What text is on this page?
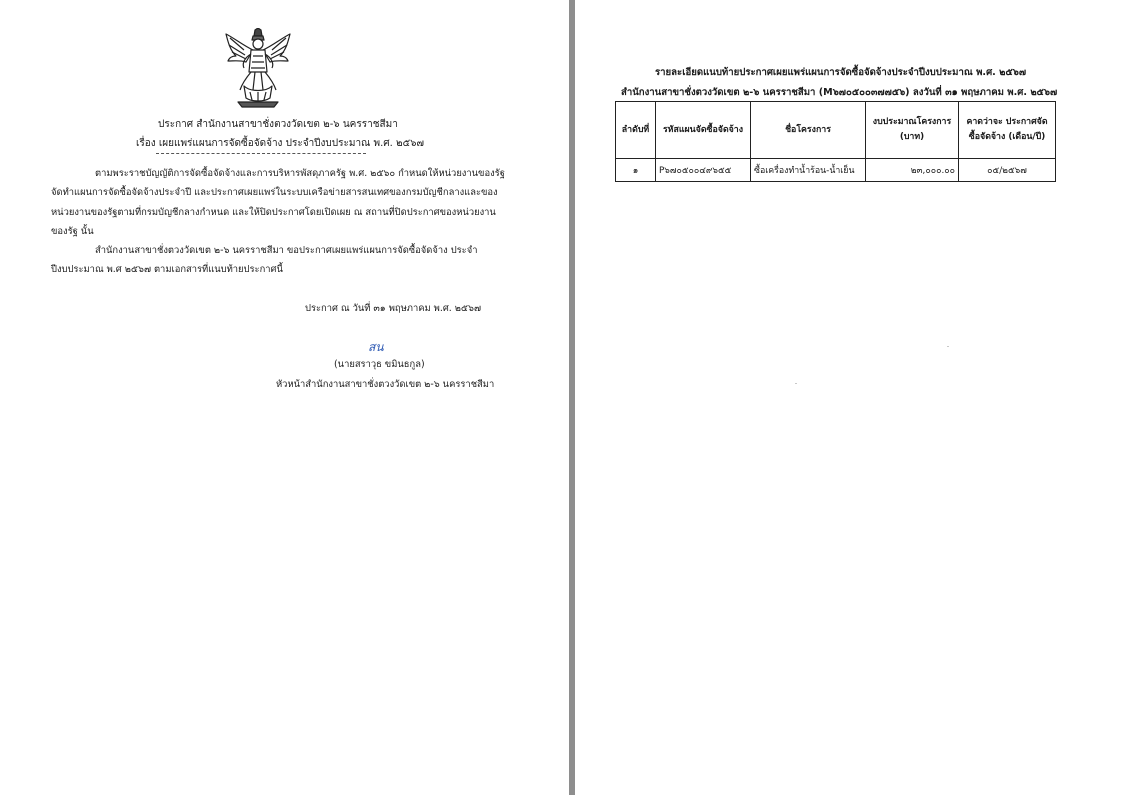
ประกาศ สำนักงานสาขาชั่งตวงวัดเขต ๒-๖ นครราชสีมา
เรื่อง เผยแพร่แผนการจัดซื้อจัดจ้าง ประจำปีงบประมาณ พ.ศ. ๒๕๖๗
ตามพระราชบัญญัติการจัดซื้อจัดจ้างและการบริหารพัสดุภาครัฐ พ.ศ. ๒๕๖๐ กำหนดให้หน่วยงานของรัฐ
จัดทำแผนการจัดซื้อจัดจ้างประจำปี และประกาศเผยแพร่ในระบบเครือข่ายสารสนเทศของกรมบัญชีกลางและของ
หน่วยงานของรัฐตามที่กรมบัญชีกลางกำหนด และให้ปิดประกาศโดยเปิดเผย ณ สถานที่ปิดประกาศของหน่วยงาน
ของรัฐ นั้น
สำนักงานสาขาชั่งตวงวัดเขต ๒-๖ นครราชสีมา ขอประกาศเผยแพร่แผนการจัดซื้อจัดจ้าง ประจำ
ปีงบประมาณ พ.ศ ๒๕๖๗ ตามเอกสารที่แนบท้ายประกาศนี้
ประกาศ ณ วันที่ ๓๑ พฤษภาคม พ.ศ. ๒๕๖๗
สน
(นายสราวุธ ขมินธกูล)
หัวหน้าสำนักงานสาขาชั่งตวงวัดเขต ๒-๖ นครราชสีมา
รายละเอียดแนบท้ายประกาศเผยแพร่แผนการจัดซื้อจัดจ้างประจำปีงบประมาณ พ.ศ. ๒๕๖๗
สำนักงานสาขาชั่งตวงวัดเขต ๒-๖ นครราชสีมา (M๖๗๐๕๐๐๓๗๗๕๖) ลงวันที่ ๓๑ พฤษภาคม พ.ศ. ๒๕๖๗
ลำดับที่	รหัสแผนจัดซื้อจัดจ้าง	ชื่อโครงการ	งบประมาณโครงการ (บาท)	คาดว่าจะ ประกาศจัดซื้อจัดจ้าง (เดือน/ปี)
๑	P๖๗๐๕๐๐๔๙๖๕๕	ซื้อเครื่องทำน้ำร้อน-น้ำเย็น	๒๓,๐๐๐.๐๐	๐๕/๒๕๖๗
